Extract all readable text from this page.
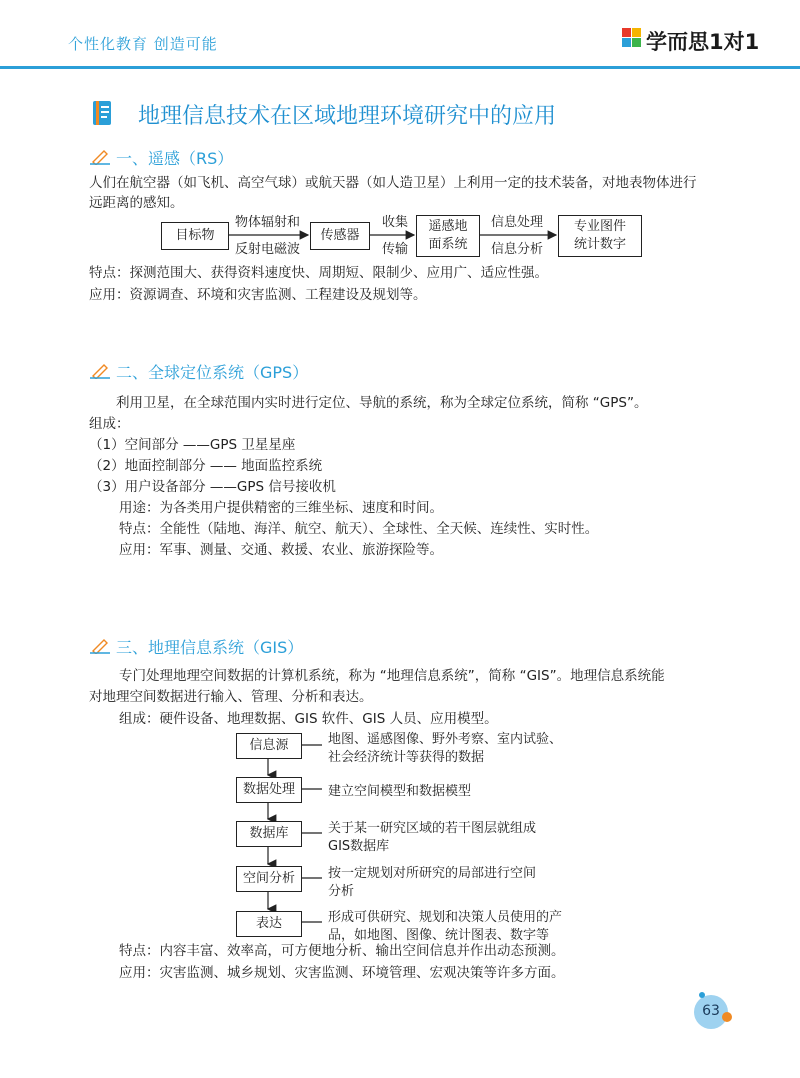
个性化教育 创造可能	学而思1对1
地理信息技术在区域地理环境研究中的应用
一、遥感（RS）
人们在航空器（如飞机、高空气球）或航天器（如人造卫星）上利用一定的技术装备，对地表物体进行
远距离的感知。
目标物
物体辐射和
反射电磁波
传感器
收集
传输
遥感地
面系统
信息处理
信息分析
专业图件
统计数字
特点：探测范围大、获得资料速度快、周期短、限制少、应用广、适应性强。
应用：资源调查、环境和灾害监测、工程建设及规划等。
二、全球定位系统（GPS）
利用卫星，在全球范围内实时进行定位、导航的系统，称为全球定位系统，简称 “GPS”。
组成：
（1）空间部分 ——GPS 卫星星座
（2）地面控制部分 —— 地面监控系统
（3）用户设备部分 ——GPS 信号接收机
用途：为各类用户提供精密的三维坐标、速度和时间。
特点：全能性（陆地、海洋、航空、航天）、全球性、全天候、连续性、实时性。
应用：军事、测量、交通、救援、农业、旅游探险等。
三、地理信息系统（GIS）
专门处理地理空间数据的计算机系统，称为 “地理信息系统”，简称 “GIS”。地理信息系统能
对地理空间数据进行输入、管理、分析和表达。
组成：硬件设备、地理数据、GIS 软件、GIS 人员、应用模型。
信息源	地图、遥感图像、野外考察、室内试验、
社会经济统计等获得的数据
数据处理	建立空间模型和数据模型
数据库	关于某一研究区域的若干图层就组成
GIS数据库
空间分析	按一定规划对所研究的局部进行空间
分析
表达	形成可供研究、规划和决策人员使用的产
品，如地图、图像、统计图表、数字等
特点：内容丰富、效率高，可方便地分析、输出空间信息并作出动态预测。
应用：灾害监测、城乡规划、灾害监测、环境管理、宏观决策等许多方面。
63
